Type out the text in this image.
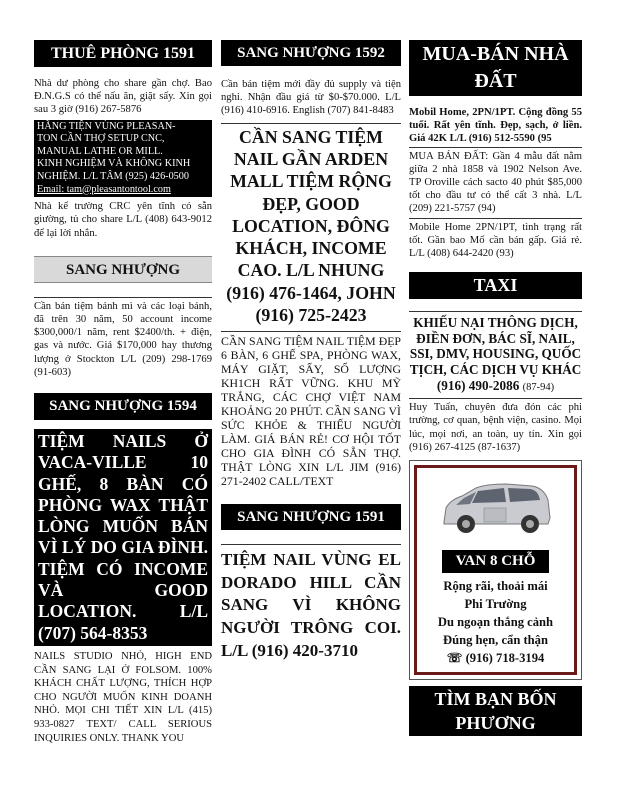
THUÊ PHÒNG 1591
Nhà dư phòng cho share gần chợ. Bao Đ.N.G.S có thể nấu ăn, giặt sấy. Xin gọi sau 3 giờ (916) 267-5876
HÃNG TIỆN VÙNG PLEASAN-
TON CẦN THỢ SETUP CNC,
MANUAL LATHE OR MILL.
KINH NGHIỆM VÀ KHÔNG KINH
NGHIỆM. L/L TÂM (925) 426-0500
Email: tam@pleasantontool.com
Nhà kế trường CRC yên tĩnh có sẵn giường, tủ cho share L/L (408) 643-9012 để lại lời nhắn.
SANG NHƯỢNG
Cần bán tiệm bánh mì và các loại bánh, đã trên 30 năm, 50 account income $300,000/1 năm, rent $2400/th. + điện, gas và nước. Giá $170,000 hay thương lượng ở Stockton L/L (209) 298-1769 (91-603)
SANG NHƯỢNG 1594
TIỆM NAILS Ở VACA-VILLE 10 GHẾ, 8 BÀN CÓ PHÒNG WAX THẬT LÒNG MUỐN BÁN VÌ LÝ DO GIA ĐÌNH. TIỆM CÓ INCOME VÀ GOOD LOCATION. L/L (707) 564-8353
NAILS STUDIO NHỎ, HIGH END CẦN SANG LẠI Ở FOLSOM. 100% KHÁCH CHẤT LƯỢNG, THÍCH HỢP CHO NGƯỜI MUỐN KINH DOANH NHỎ. MỌI CHI TIẾT XIN L/L (415) 933-0827 TEXT/ CALL SERIOUS INQUIRIES ONLY. THANK YOU
SANG NHƯỢNG 1592
Cần bán tiệm mới đầy đủ supply và tiện nghi. Nhận đầu giá từ $0-$70.000. L/L (916) 410-6916. English (707) 841-8483
CẦN SANG TIỆM NAIL GẦN ARDEN MALL TIỆM RỘNG ĐẸP, GOOD LOCATION, ĐÔNG KHÁCH, INCOME CAO. L/L NHUNG (916) 476-1464, JOHN (916) 725-2423
CẦN SANG TIỆM NAIL TIỆM ĐẸP 6 BÀN, 6 GHẾ SPA, PHÒNG WAX, MÁY GIẶT, SẤY, SỐ LƯỢNG KH1CH RẤT VỮNG. KHU MỸ TRẮNG, CÁC CHỢ VIỆT NAM KHOẢNG 20 PHÚT. CẦN SANG VÌ SỨC KHỎE & THIẾU NGƯỜI LÀM. GIÁ BÁN RẺ! CƠ HỘI TỐT CHO GIA ĐÌNH CÓ SẴN THỢ. THẬT LÒNG XIN L/L JIM (916) 271-2402 CALL/TEXT
SANG NHƯỢNG 1591
TIỆM NAIL VÙNG EL DORADO HILL CẦN SANG VÌ KHÔNG NGƯỜI TRÔNG COI. L/L (916) 420-3710
MUA-BÁN NHÀ ĐẤT
Mobil Home, 2PN/1PT. Cộng đồng 55 tuổi. Rất yên tĩnh. Đẹp, sạch, ở liền. Giá 42K L/L (916) 512-5590 (95
MUA BÁN ĐẤT: Gần 4 mẫu đất nằm giữa 2 nhà 1858 và 1902 Nelson Ave. TP Oroville cách sacto 40 phút $85,000 tốt cho đầu tư có thể cất 3 nhà. L/L (209) 221-5757 (94)
Mobile Home 2PN/1PT, tình trạng rất tốt. Gần bao Mố cần bán gấp. Giá rẻ. L/L (408) 644-2420 (93)
TAXI
KHIẾU NẠI THÔNG DỊCH, ĐIỀN ĐƠN, BÁC SĨ, NAIL, SSI, DMV, HOUSING, QUỐC TỊCH, CÁC DỊCH VỤ KHÁC
(916) 490-2086 (87-94)
Huy Tuấn, chuyên đưa đón các phi trường, cơ quan, bệnh viện, casino. Mọi lúc, mọi nơi, an toàn, uy tín. Xin gọi (916) 267-4125 (87-1637)
VAN 8 CHỖ
Rộng rãi, thoải mái
Phi Trường
Du ngoạn thắng cảnh
Đúng hẹn, cẩn thận
☏ (916) 718-3194
TÌM BẠN BỐN PHƯƠNG
